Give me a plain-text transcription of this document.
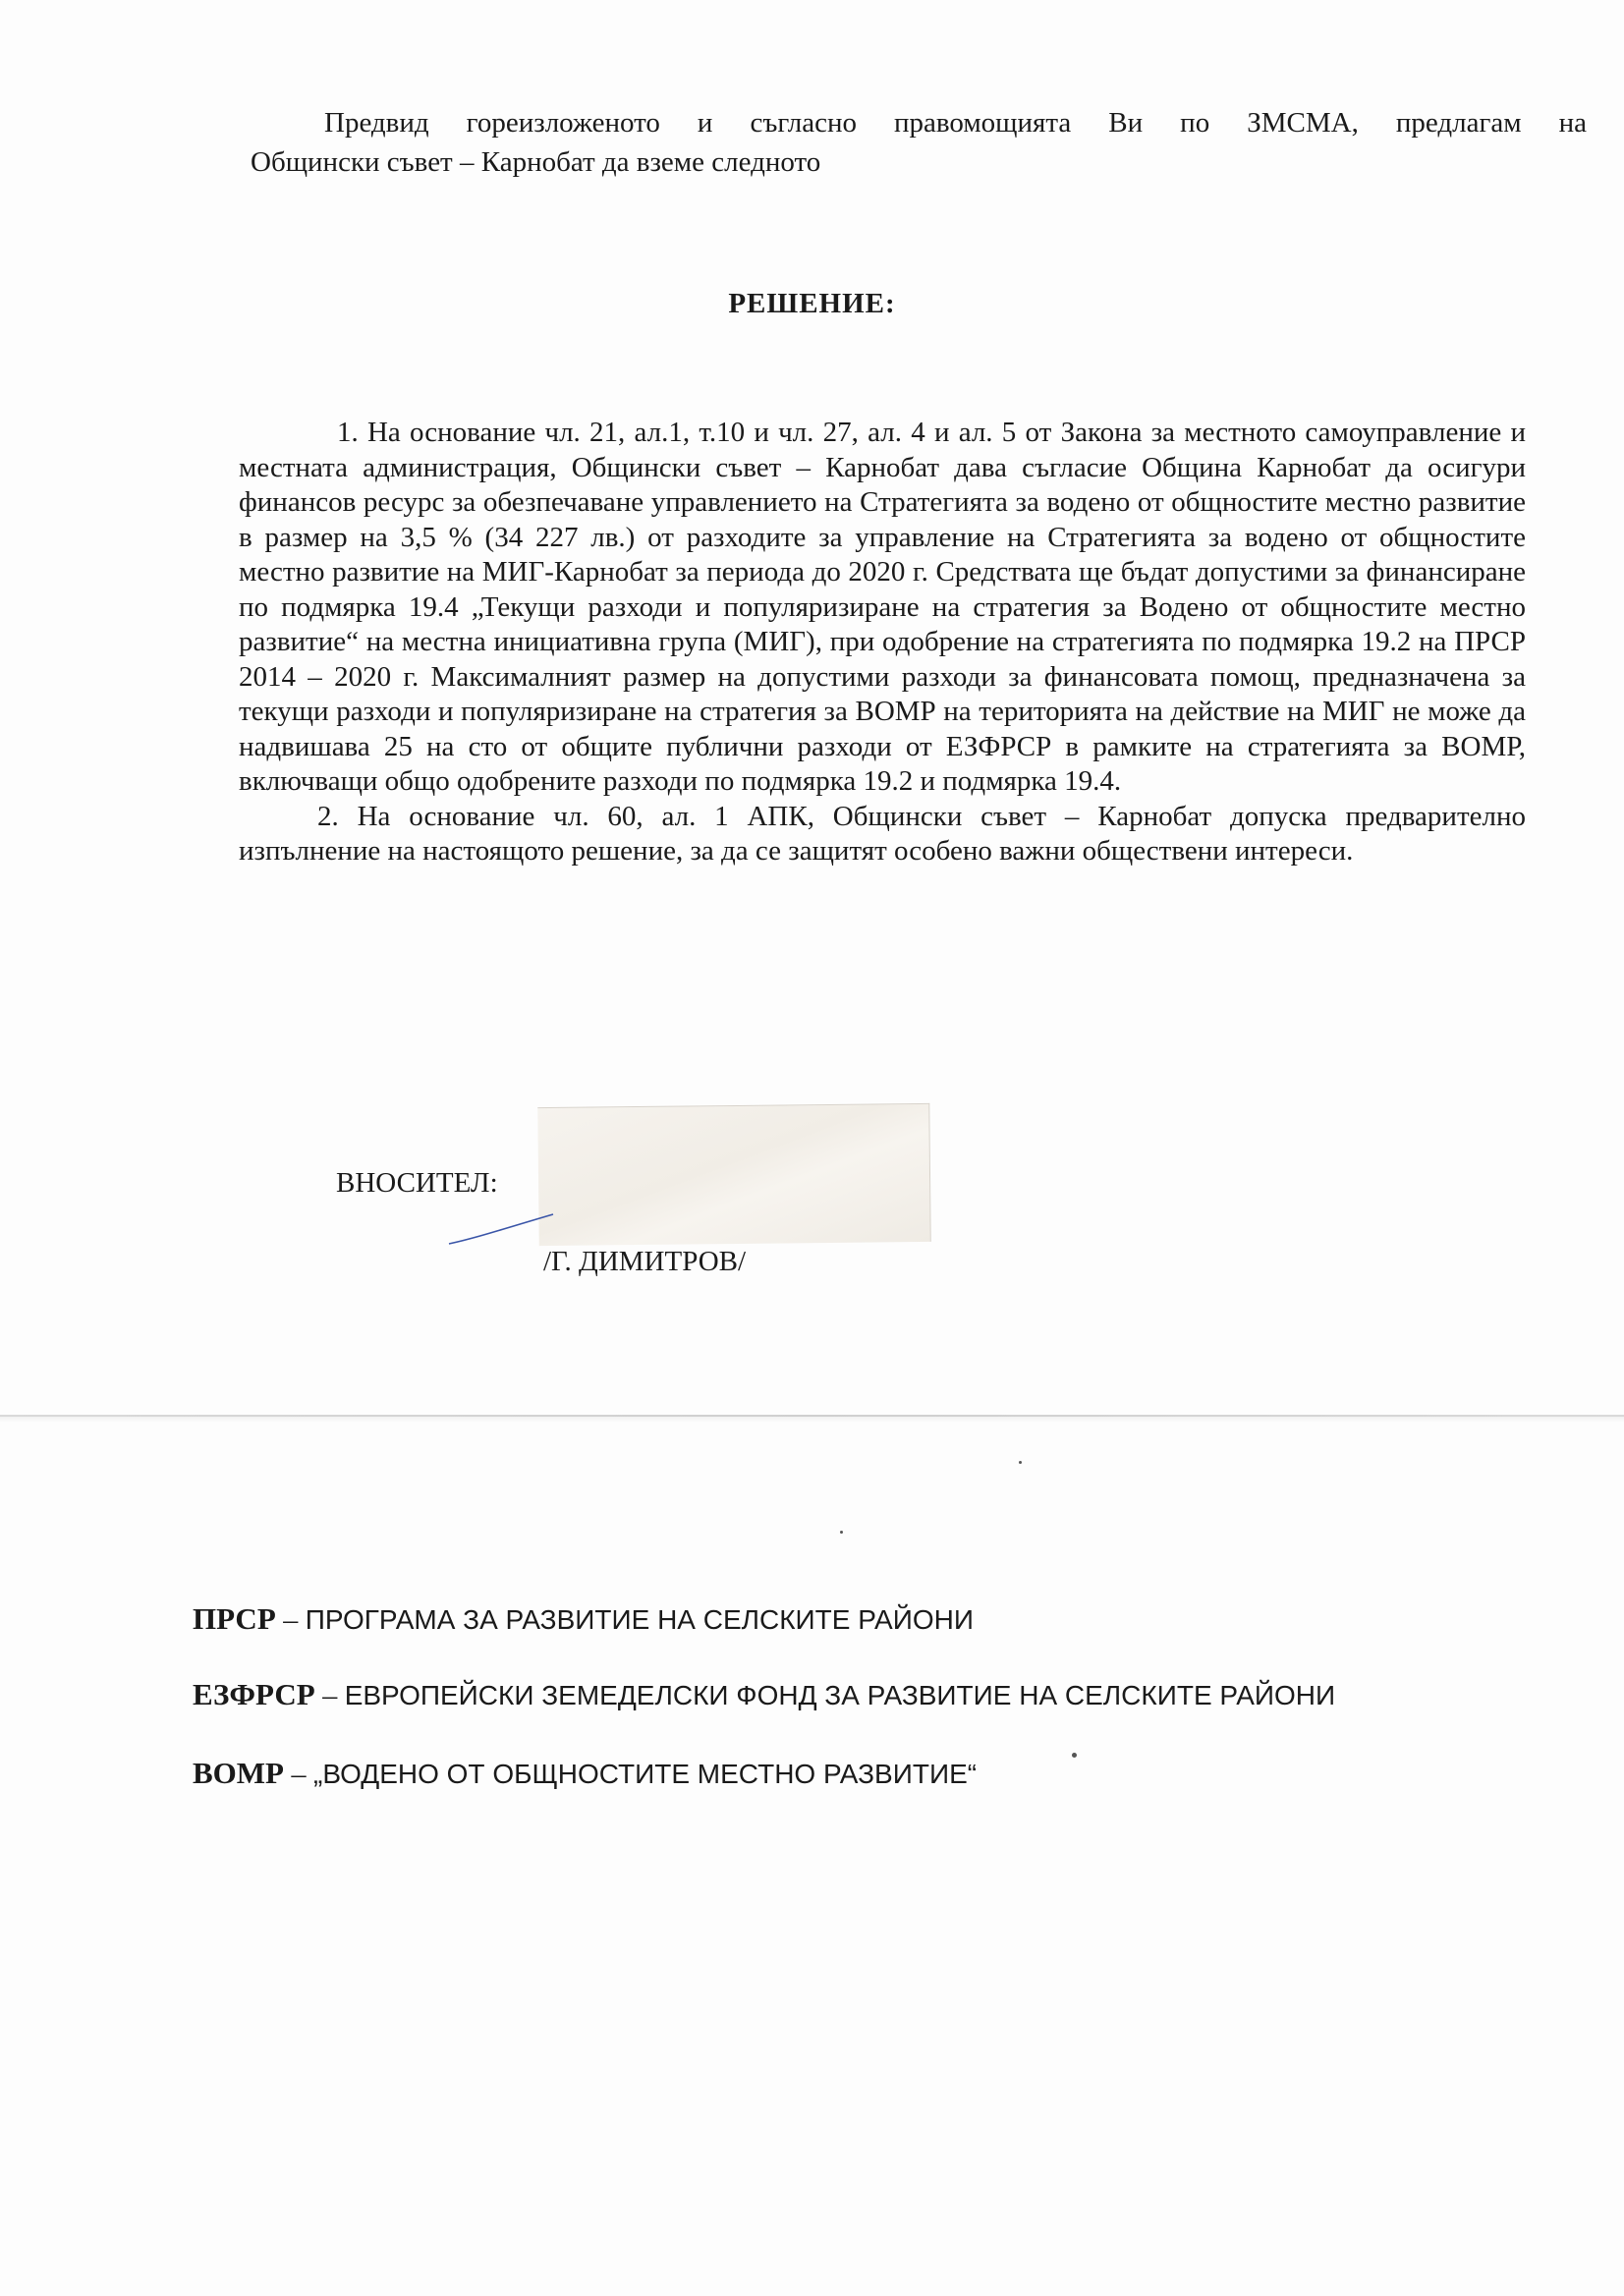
Предвид гореизложеното и съгласно правомощията Ви по ЗМСМА, предлагам на
Общински съвет – Карнобат да вземе следното
РЕШЕНИЕ:

1. На основание чл. 21, ал.1, т.10 и чл. 27, ал. 4 и ал. 5 от Закона за местното самоуправление и местната администрация, Общински съвет – Карнобат дава съгласие Община Карнобат да осигури финансов ресурс за обезпечаване управлението на Стратегията за водено от общностите местно развитие в размер на 3,5 % (34 227 лв.) от разходите за управление на Стратегията за водено от общностите местно развитие на МИГ-Карнобат за периода до 2020 г. Средствата ще бъдат допустими за финансиране по подмярка 19.4 „Текущи разходи и популяризиране на стратегия за Водено от общностите местно развитие“ на местна инициативна група (МИГ), при одобрение на стратегията по подмярка 19.2 на ПРСР 2014 – 2020 г. Максималният размер на допустими разходи за финансовата помощ, предназначена за текущи разходи и популяризиране на стратегия за ВОМР на територията на действие на МИГ не може да надвишава 25 на сто от общите публични разходи от ЕЗФРСР в рамките на стратегията за ВОМР, включващи общо одобрените разходи по подмярка 19.2 и подмярка 19.4.

2. На основание чл. 60, ал. 1 АПК, Общински съвет – Карнобат допуска предварително изпълнение на настоящото решение, за да се защитят особено важни обществени интереси.

ВНОСИТЕЛ:
/Г. ДИМИТРОВ/
ПРСР – ПРОГРАМА ЗА РАЗВИТИЕ НА СЕЛСКИТЕ РАЙОНИ
ЕЗФРСР – ЕВРОПЕЙСКИ ЗЕМЕДЕЛСКИ ФОНД ЗА РАЗВИТИЕ НА СЕЛСКИТЕ РАЙОНИ
ВОМР – „ВОДЕНО ОТ ОБЩНОСТИТЕ МЕСТНО РАЗВИТИЕ“
